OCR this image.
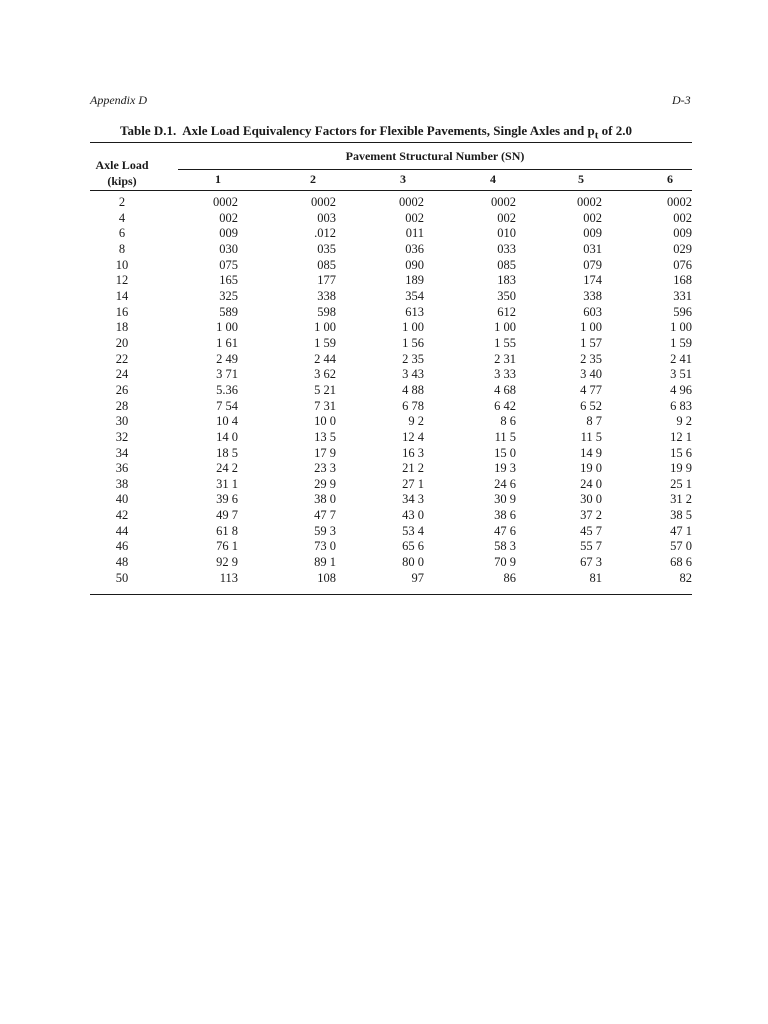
Appendix D	D-3
Table D.1. Axle Load Equivalency Factors for Flexible Pavements, Single Axles and $p_t$ of 2.0
Pavement Structural Number (SN)
Axle Load
(kips)	1	2	3	4	5	6
2	0002	0002	0002	0002	0002	0002
4	002	003	002	002	002	002
6	009	.012	011	010	009	009
8	030	035	036	033	031	029
10	075	085	090	085	079	076
12	165	177	189	183	174	168
14	325	338	354	350	338	331
16	589	598	613	612	603	596
18	1 00	1 00	1 00	1 00	1 00	1 00
20	1 61	1 59	1 56	1 55	1 57	1 59
22	2 49	2 44	2 35	2 31	2 35	2 41
24	3 71	3 62	3 43	3 33	3 40	3 51
26	5.36	5 21	4 88	4 68	4 77	4 96
28	7 54	7 31	6 78	6 42	6 52	6 83
30	10 4	10 0	9 2	8 6	8 7	9 2
32	14 0	13 5	12 4	11 5	11 5	12 1
34	18 5	17 9	16 3	15 0	14 9	15 6
36	24 2	23 3	21 2	19 3	19 0	19 9
38	31 1	29 9	27 1	24 6	24 0	25 1
40	39 6	38 0	34 3	30 9	30 0	31 2
42	49 7	47 7	43 0	38 6	37 2	38 5
44	61 8	59 3	53 4	47 6	45 7	47 1
46	76 1	73 0	65 6	58 3	55 7	57 0
48	92 9	89 1	80 0	70 9	67 3	68 6
50	113	108	97	86	81	82
